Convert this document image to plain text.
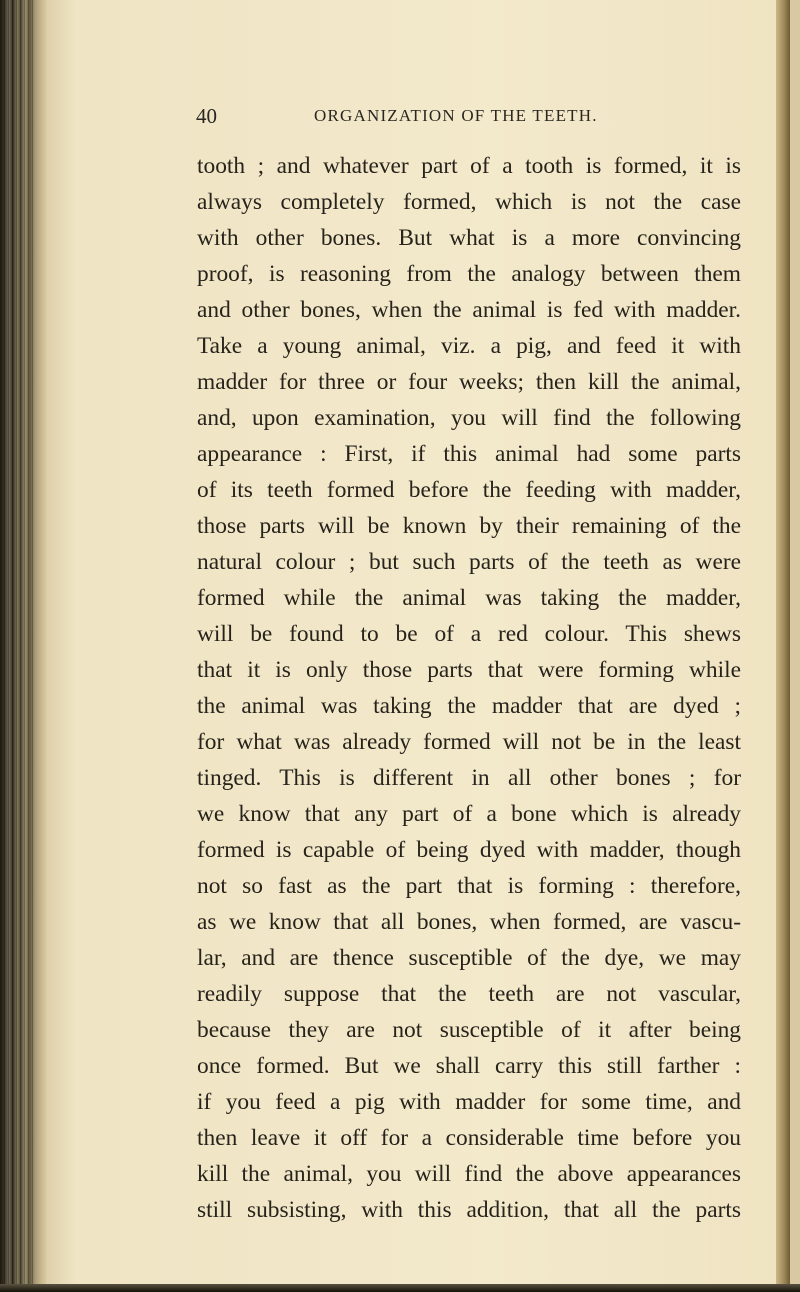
40	ORGANIZATION OF THE TEETH.
tooth ; and whatever part of a tooth is formed, it is
always completely formed, which is not the case
with other bones. But what is a more convincing
proof, is reasoning from the analogy between them
and other bones, when the animal is fed with madder.
Take a young animal, viz. a pig, and feed it with
madder for three or four weeks; then kill the animal,
and, upon examination, you will find the following
appearance : First, if this animal had some parts
of its teeth formed before the feeding with madder,
those parts will be known by their remaining of the
natural colour ; but such parts of the teeth as were
formed while the animal was taking the madder,
will be found to be of a red colour. This shews
that it is only those parts that were forming while
the animal was taking the madder that are dyed ;
for what was already formed will not be in the least
tinged. This is different in all other bones ; for
we know that any part of a bone which is already
formed is capable of being dyed with madder, though
not so fast as the part that is forming : therefore,
as we know that all bones, when formed, are vascu-
lar, and are thence susceptible of the dye, we may
readily suppose that the teeth are not vascular,
because they are not susceptible of it after being
once formed. But we shall carry this still farther :
if you feed a pig with madder for some time, and
then leave it off for a considerable time before you
kill the animal, you will find the above appearances
still subsisting, with this addition, that all the parts
